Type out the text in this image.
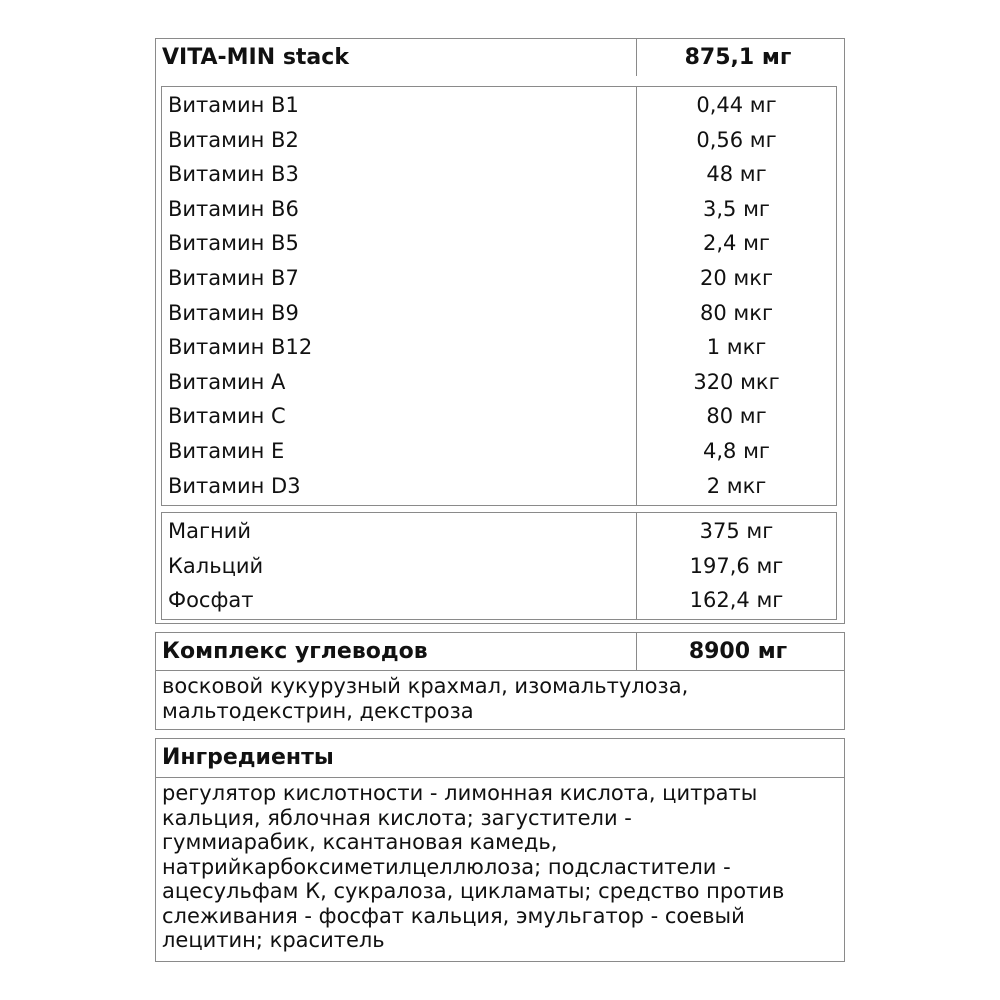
VITA-MIN stack	875,1 мг
Витамин B1	0,44 мг
Витамин B2	0,56 мг
Витамин B3	48 мг
Витамин B6	3,5 мг
Витамин B5	2,4 мг
Витамин B7	20 мкг
Витамин B9	80 мкг
Витамин B12	1 мкг
Витамин A	320 мкг
Витамин C	80 мг
Витамин E	4,8 мг
Витамин D3	2 мкг
Магний	375 мг
Кальций	197,6 мг
Фосфат	162,4 мг
Комплекс углеводов	8900 мг
восковой кукурузный крахмал, изомальтулоза,
мальтодекстрин, декстроза
Ингредиенты
регулятор кислотности - лимонная кислота, цитраты
кальция, яблочная кислота; загустители -
гуммиарабик, ксантановая камедь,
натрийкарбоксиметилцеллюлоза; подсластители -
ацесульфам К, сукралоза, цикламаты; средство против
слеживания - фосфат кальция, эмульгатор - соевый
лецитин; краситель
